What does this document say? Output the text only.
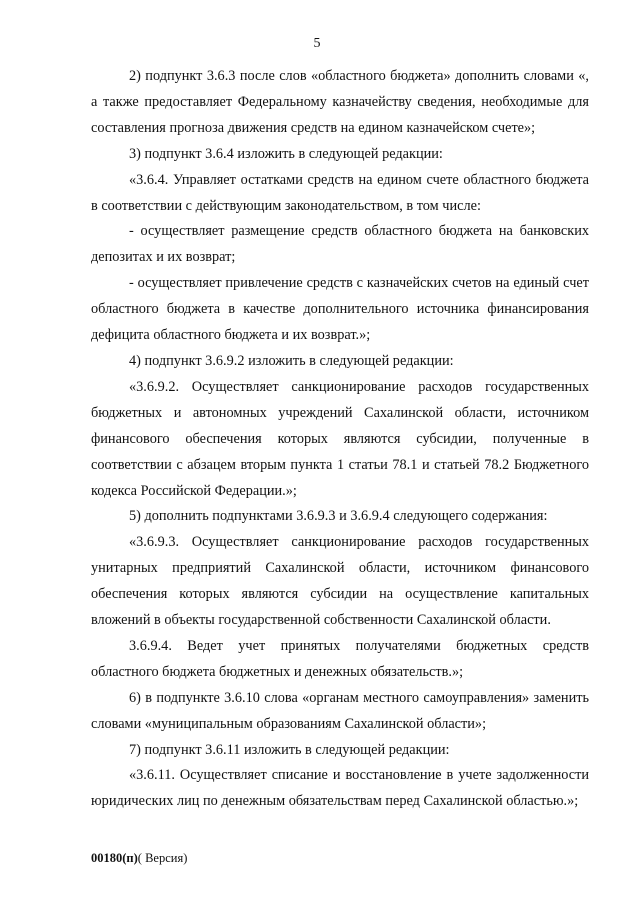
5

2) подпункт 3.6.3 после слов «областного бюджета» дополнить словами «, а также предоставляет Федеральному казначейству сведения, необходимые для составления прогноза движения средств на едином казначейском счете»;

3) подпункт 3.6.4 изложить в следующей редакции:

«3.6.4. Управляет остатками средств на едином счете областного бюджета в соответствии с действующим законодательством, в том числе:

- осуществляет размещение средств областного бюджета на банковских депозитах и их возврат;

- осуществляет привлечение средств с казначейских счетов на единый счет областного бюджета в качестве дополнительного источника финансирования дефицита областного бюджета и их возврат.»;

4) подпункт 3.6.9.2 изложить в следующей редакции:

«3.6.9.2. Осуществляет санкционирование расходов государственных бюджетных и автономных учреждений Сахалинской области, источником финансового обеспечения которых являются субсидии, полученные в соответствии с абзацем вторым пункта 1 статьи 78.1 и статьей 78.2 Бюджетного кодекса Российской Федерации.»;

5) дополнить подпунктами 3.6.9.3 и 3.6.9.4 следующего содержания:

«3.6.9.3. Осуществляет санкционирование расходов государственных унитарных предприятий Сахалинской области, источником финансового обеспечения которых являются субсидии на осуществление капитальных вложений в объекты государственной собственности Сахалинской области.

3.6.9.4. Ведет учет принятых получателями бюджетных средств областного бюджета бюджетных и денежных обязательств.»;

6) в подпункте 3.6.10 слова «органам местного самоуправления» заменить словами «муниципальным образованиям Сахалинской области»;

7) подпункт 3.6.11 изложить в следующей редакции:

«3.6.11. Осуществляет списание и восстановление в учете задолженности юридических лиц по денежным обязательствам перед Сахалинской областью.»;

00180(п)( Версия)
